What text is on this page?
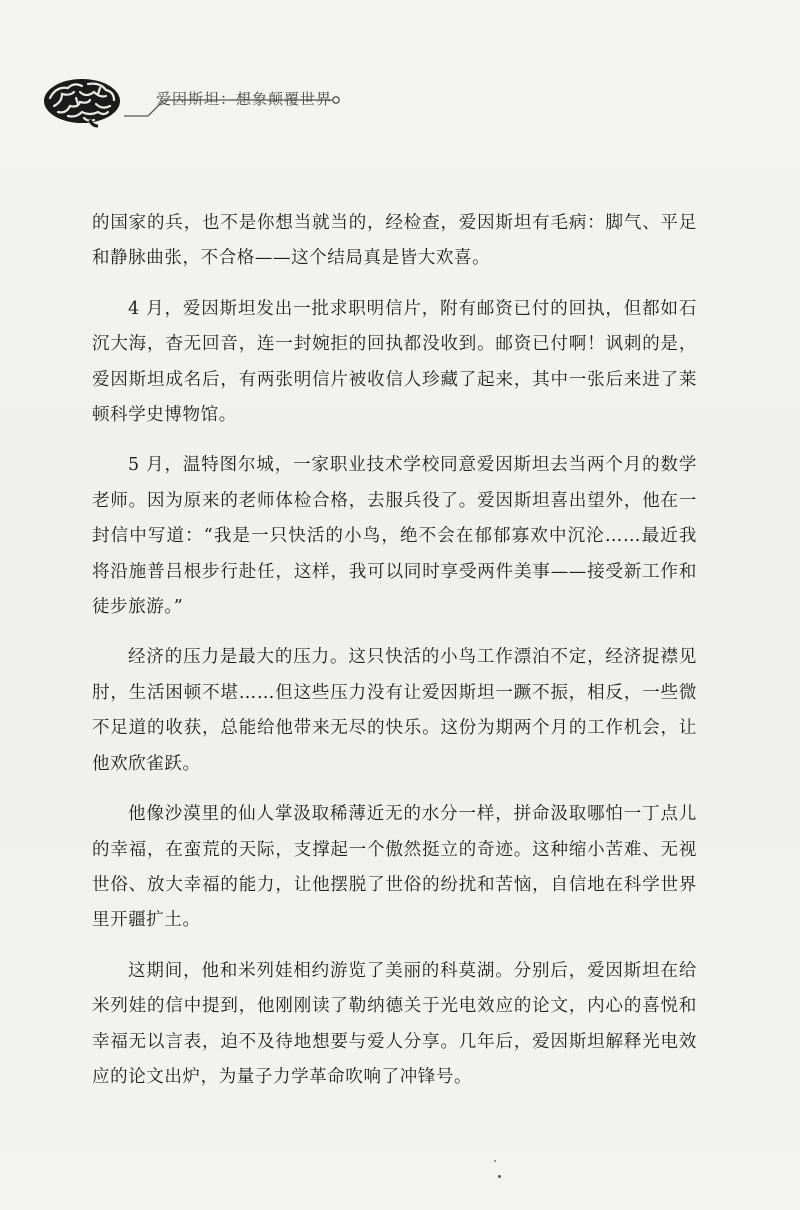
爱因斯坦：想象颠覆世界

的国家的兵，也不是你想当就当的，经检查，爱因斯坦有毛病：脚气、平足和静脉曲张，不合格——这个结局真是皆大欢喜。

4 月，爱因斯坦发出一批求职明信片，附有邮资已付的回执，但都如石沉大海，杳无回音，连一封婉拒的回执都没收到。邮资已付啊！讽刺的是，爱因斯坦成名后，有两张明信片被收信人珍藏了起来，其中一张后来进了莱顿科学史博物馆。

5 月，温特图尔城，一家职业技术学校同意爱因斯坦去当两个月的数学老师。因为原来的老师体检合格，去服兵役了。爱因斯坦喜出望外，他在一封信中写道：“我是一只快活的小鸟，绝不会在郁郁寡欢中沉沦……最近我将沿施普吕根步行赴任，这样，我可以同时享受两件美事——接受新工作和徒步旅游。”

经济的压力是最大的压力。这只快活的小鸟工作漂泊不定，经济捉襟见肘，生活困顿不堪……但这些压力没有让爱因斯坦一蹶不振，相反，一些微不足道的收获，总能给他带来无尽的快乐。这份为期两个月的工作机会，让他欢欣雀跃。

他像沙漠里的仙人掌汲取稀薄近无的水分一样，拼命汲取哪怕一丁点儿的幸福，在蛮荒的天际，支撑起一个傲然挺立的奇迹。这种缩小苦难、无视世俗、放大幸福的能力，让他摆脱了世俗的纷扰和苦恼，自信地在科学世界里开疆扩土。

这期间，他和米列娃相约游览了美丽的科莫湖。分别后，爱因斯坦在给米列娃的信中提到，他刚刚读了勒纳德关于光电效应的论文，内心的喜悦和幸福无以言表，迫不及待地想要与爱人分享。几年后，爱因斯坦解释光电效应的论文出炉，为量子力学革命吹响了冲锋号。
